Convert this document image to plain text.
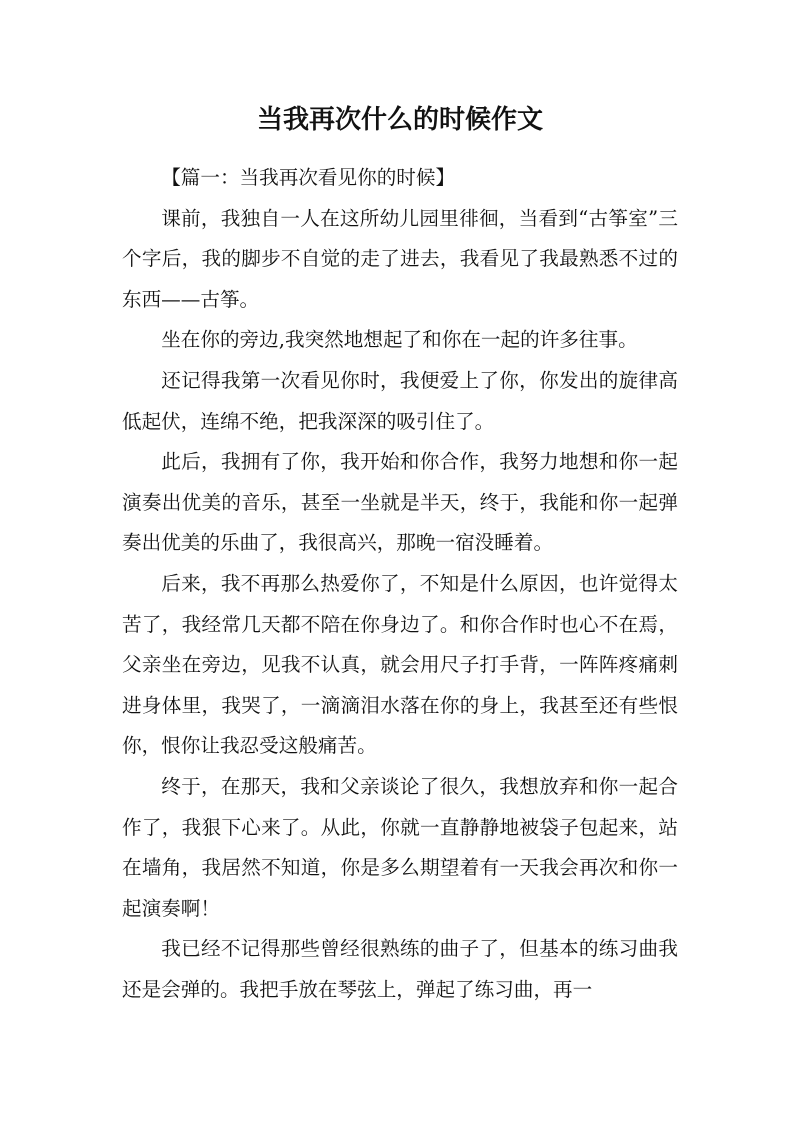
当我再次什么的时候作文

【篇一：当我再次看见你的时候】

课前，我独自一人在这所幼儿园里徘徊，当看到“古筝室”三个字后，我的脚步不自觉的走了进去，我看见了我最熟悉不过的东西——古筝。

坐在你的旁边,我突然地想起了和你在一起的许多往事。

还记得我第一次看见你时，我便爱上了你，你发出的旋律高低起伏，连绵不绝，把我深深的吸引住了。

此后，我拥有了你，我开始和你合作，我努力地想和你一起演奏出优美的音乐，甚至一坐就是半天，终于，我能和你一起弹奏出优美的乐曲了，我很高兴，那晚一宿没睡着。

后来，我不再那么热爱你了，不知是什么原因，也许觉得太苦了，我经常几天都不陪在你身边了。和你合作时也心不在焉，父亲坐在旁边，见我不认真，就会用尺子打手背，一阵阵疼痛刺进身体里，我哭了，一滴滴泪水落在你的身上，我甚至还有些恨你，恨你让我忍受这般痛苦。

终于，在那天，我和父亲谈论了很久，我想放弃和你一起合作了，我狠下心来了。从此，你就一直静静地被袋子包起来，站在墙角，我居然不知道，你是多么期望着有一天我会再次和你一起演奏啊！

我已经不记得那些曾经很熟练的曲子了，但基本的练习曲我还是会弹的。我把手放在琴弦上，弹起了练习曲，再一
